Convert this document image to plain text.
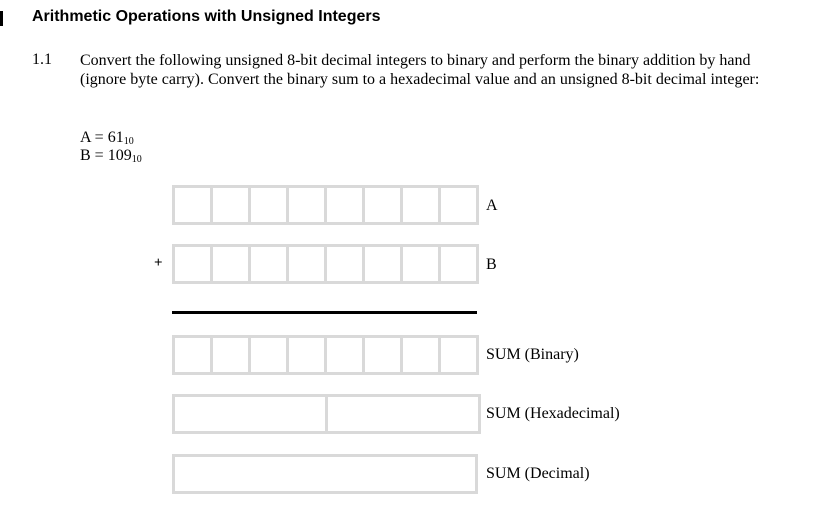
Arithmetic Operations with Unsigned Integers
1.1 Convert the following unsigned 8-bit decimal integers to binary and perform the binary addition by hand (ignore byte carry). Convert the binary sum to a hexadecimal value and an unsigned 8-bit decimal integer:
$A = 61_{10}$
$B = 109_{10}$
A
+	B
SUM (Binary)
SUM (Hexadecimal)
SUM (Decimal)
